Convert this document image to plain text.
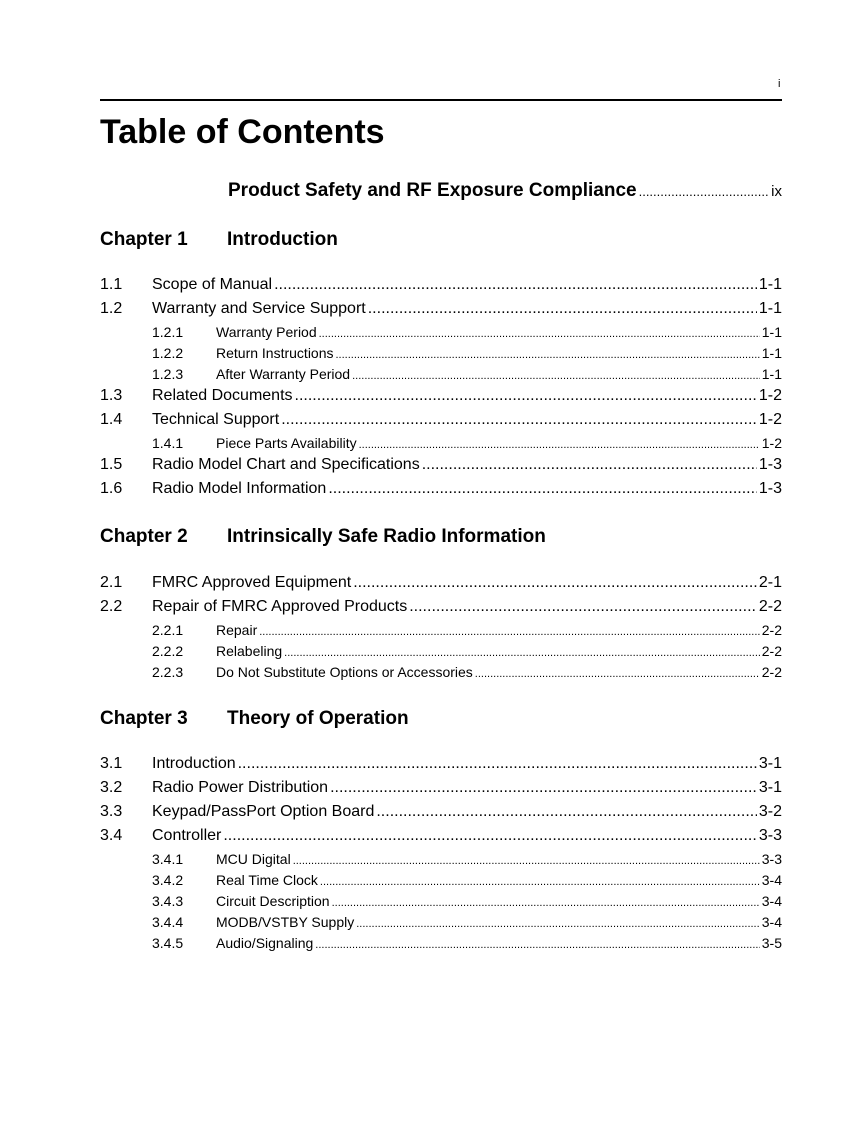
i
Table of Contents
Product Safety and RF Exposure Compliance .....	ix
Chapter 1 Introduction
1.1	Scope of Manual .....	1-1
1.2	Warranty and Service Support .....	1-1
1.2.1	Warranty Period .....	1-1
1.2.2	Return Instructions .....	1-1
1.2.3	After Warranty Period .....	1-1
1.3	Related Documents .....	1-2
1.4	Technical Support .....	1-2
1.4.1	Piece Parts Availability .....	1-2
1.5	Radio Model Chart and Specifications .....	1-3
1.6	Radio Model Information .....	1-3
Chapter 2 Intrinsically Safe Radio Information
2.1	FMRC Approved Equipment .....	2-1
2.2	Repair of FMRC Approved Products .....	2-2
2.2.1	Repair .....	2-2
2.2.2	Relabeling .....	2-2
2.2.3	Do Not Substitute Options or Accessories .....	2-2
Chapter 3 Theory of Operation
3.1	Introduction .....	3-1
3.2	Radio Power Distribution .....	3-1
3.3	Keypad/PassPort Option Board .....	3-2
3.4	Controller .....	3-3
3.4.1	MCU Digital .....	3-3
3.4.2	Real Time Clock .....	3-4
3.4.3	Circuit Description .....	3-4
3.4.4	MODB/VSTBY Supply .....	3-4
3.4.5	Audio/Signaling .....	3-5
